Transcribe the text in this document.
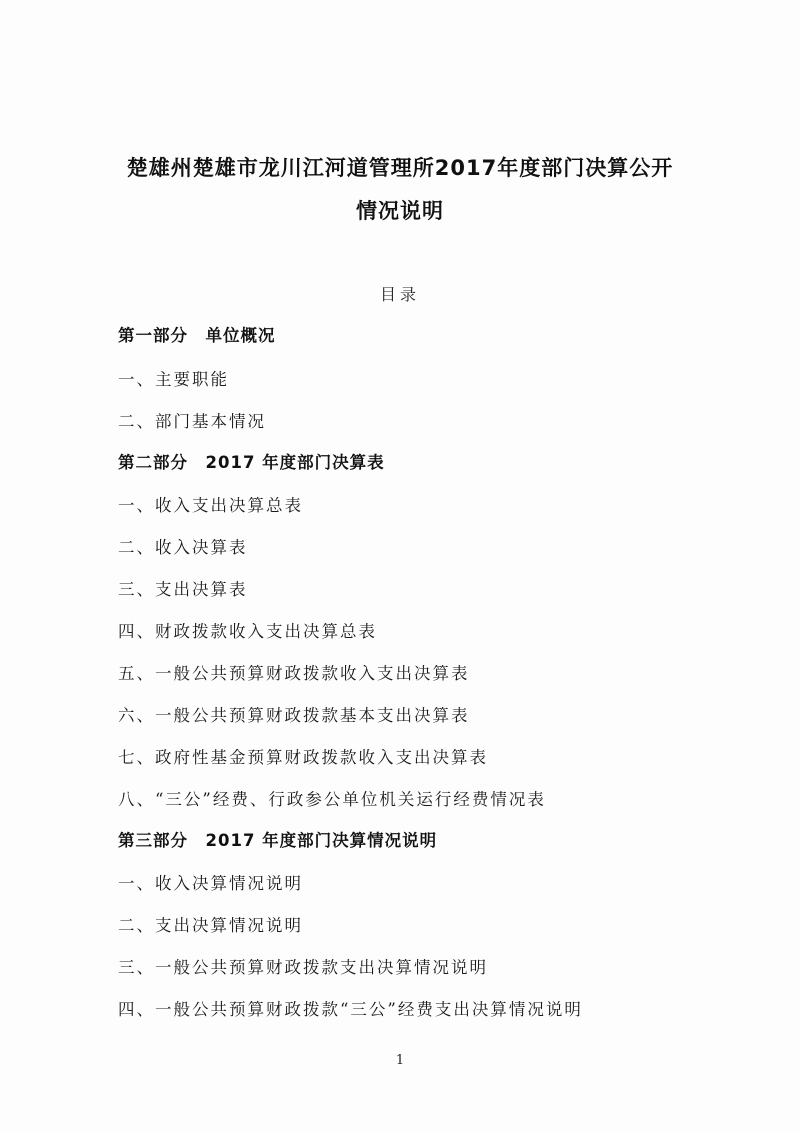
楚雄州楚雄市龙川江河道管理所2017年度部门决算公开
情况说明
目录
第一部分　单位概况
一、主要职能
二、部门基本情况
第二部分　2017 年度部门决算表
一、收入支出决算总表
二、收入决算表
三、支出决算表
四、财政拨款收入支出决算总表
五、一般公共预算财政拨款收入支出决算表
六、一般公共预算财政拨款基本支出决算表
七、政府性基金预算财政拨款收入支出决算表
八、“三公”经费、行政参公单位机关运行经费情况表
第三部分　2017 年度部门决算情况说明
一、收入决算情况说明
二、支出决算情况说明
三、一般公共预算财政拨款支出决算情况说明
四、一般公共预算财政拨款“三公”经费支出决算情况说明
1
